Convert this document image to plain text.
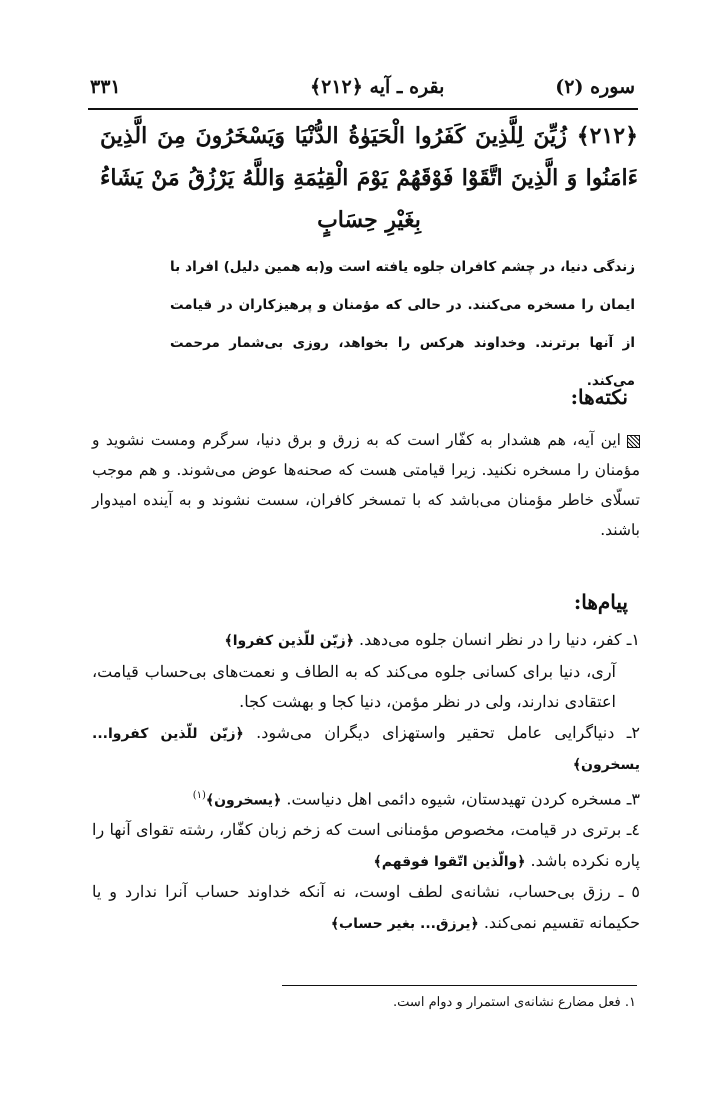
سوره (٢)
بقره ـ آیه ﴿٢١٢﴾
٣٣١
﴿٢١٢﴾ زُيِّنَ لِلَّذِينَ كَفَرُوا الْحَيَوٰةُ الدُّنْيَا وَيَسْخَرُونَ مِنَ الَّذِينَ ءَامَنُوا وَ الَّذِينَ اتَّقَوْا فَوْقَهُمْ يَوْمَ الْقِيَٰمَةِ وَاللَّهُ يَرْزُقُ مَنْ يَشَاءُ بِغَيْرِ حِسَابٍ
زندگی دنیا، در چشم کافران جلوه یافته است و(به همین دلیل) افراد با ایمان را مسخره می‌کنند. در حالی که مؤمنان و پرهیزکاران در قیامت از آنها برترند. وخداوند هرکس را بخواهد، روزی بی‌شمار مرحمت می‌کند.
نکته‌ها:
این آیه، هم هشدار به کفّار است که به زرق و برق دنیا، سرگرم ومست نشوید و مؤمنان را مسخره نکنید. زیرا قیامتی هست که صحنه‌ها عوض می‌شوند. و هم موجب تسلّای خاطر مؤمنان می‌باشد که با تمسخر کافران، سست نشوند و به آینده امیدوار باشند.
پیام‌ها:
١ـ کفر، دنیا را در نظر انسان جلوه می‌دهد. ﴿زيّن للّذين كفروا﴾
آری، دنیا برای کسانی جلوه می‌کند که به الطاف و نعمت‌های بی‌حساب قیامت، اعتقادی ندارند، ولی در نظر مؤمن، دنیا کجا و بهشت کجا.
٢ـ دنیاگرایی عامل تحقیر واستهزای دیگران می‌شود. ﴿زيّن للّذين كفروا... يسخرون﴾
٣ـ مسخره کردن تهیدستان، شیوه دائمی اهل دنیاست. ﴿يسخرون﴾$^{(١)}$
٤ـ برتری در قیامت، مخصوص مؤمنانی است که زخم زبان کفّار، رشته تقوای آنها را پاره نکرده باشد. ﴿والّذين اتّقوا فوقهم﴾
٥ ـ رزق بی‌حساب، نشانه‌ی لطف اوست، نه آنکه خداوند حساب آنرا ندارد و یا حکیمانه تقسیم نمی‌کند. ﴿يرزق... بغير حساب﴾
١. فعل مضارع نشانه‌ی استمرار و دوام است.
